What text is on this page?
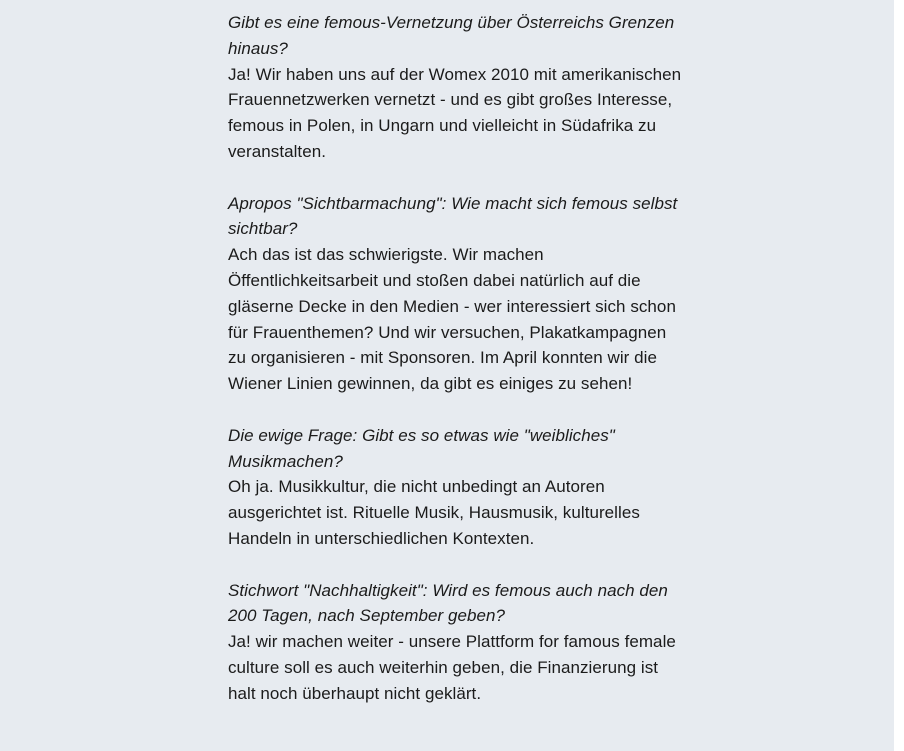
Gibt es eine femous-Vernetzung über Österreichs Grenzen hinaus?

Ja! Wir haben uns auf der Womex 2010 mit amerikanischen Frauennetzwerken vernetzt - und es gibt großes Interesse, femous in Polen, in Ungarn und vielleicht in Südafrika zu veranstalten.

Apropos "Sichtbarmachung": Wie macht sich femous selbst sichtbar?

Ach das ist das schwierigste. Wir machen Öffentlichkeitsarbeit und stoßen dabei natürlich auf die gläserne Decke in den Medien - wer interessiert sich schon für Frauenthemen? Und wir versuchen, Plakatkampagnen zu organisieren - mit Sponsoren. Im April konnten wir die Wiener Linien gewinnen, da gibt es einiges zu sehen!

Die ewige Frage: Gibt es so etwas wie "weibliches" Musikmachen?

Oh ja. Musikkultur, die nicht unbedingt an Autoren ausgerichtet ist. Rituelle Musik, Hausmusik, kulturelles Handeln in unterschiedlichen Kontexten.

Stichwort "Nachhaltigkeit": Wird es femous auch nach den 200 Tagen, nach September geben?

Ja! wir machen weiter - unsere Plattform for famous female culture soll es auch weiterhin geben, die Finanzierung ist halt noch überhaupt nicht geklärt.
